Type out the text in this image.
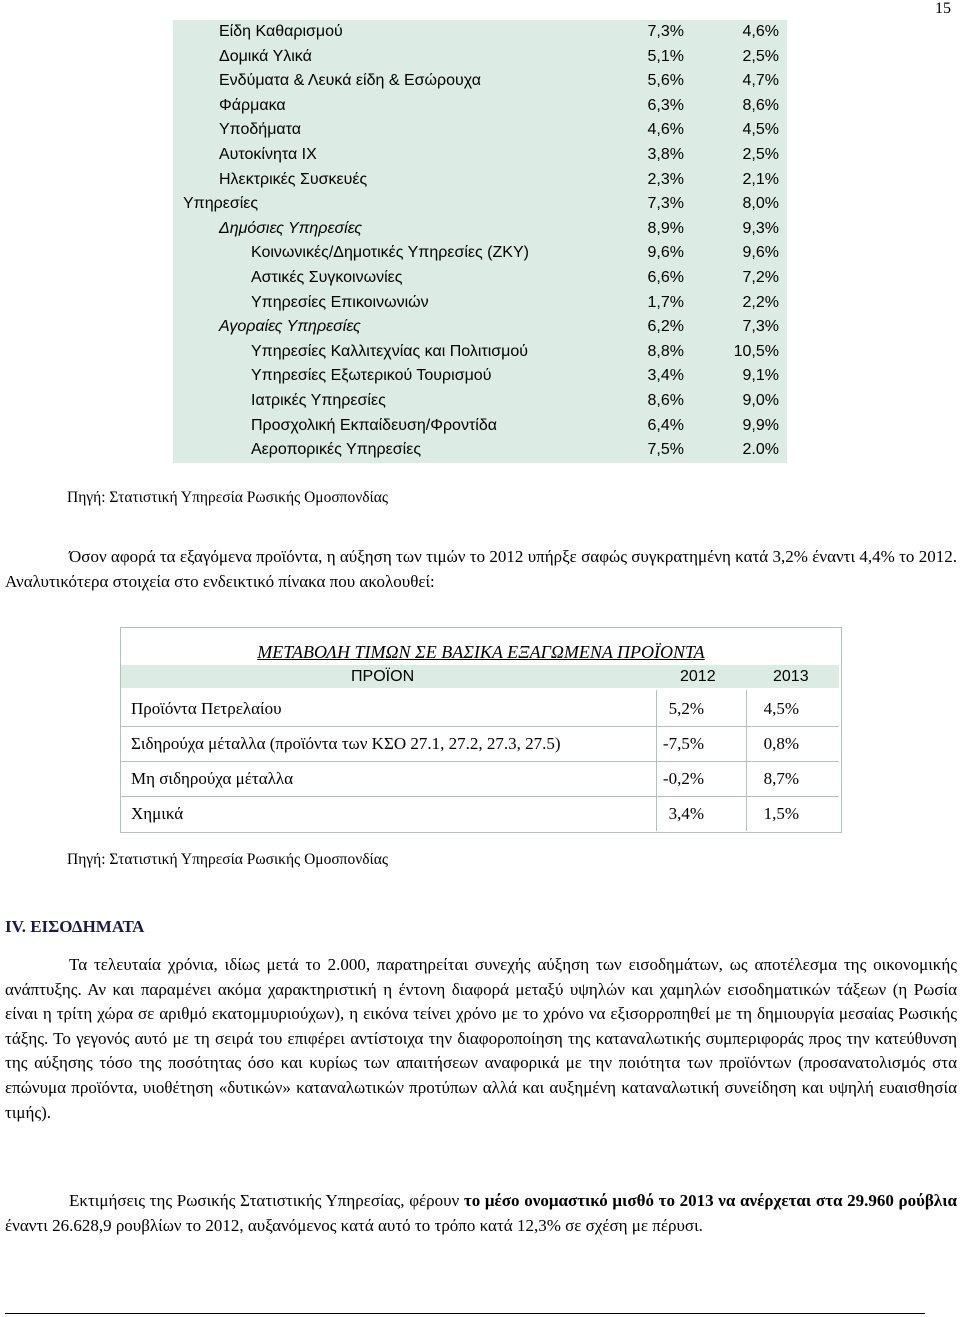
15
Είδη Καθαρισμού	7,3%	4,6%
Δομικά Υλικά	5,1%	2,5%
Ενδύματα & Λευκά είδη & Εσώρουχα	5,6%	4,7%
Φάρμακα	6,3%	8,6%
Υποδήματα	4,6%	4,5%
Αυτοκίνητα ΙΧ	3,8%	2,5%
Ηλεκτρικές Συσκευές	2,3%	2,1%
Υπηρεσίες	7,3%	8,0%
Δημόσιες Υπηρεσίες	8,9%	9,3%
Κοινωνικές/Δημοτικές Υπηρεσίες (ΖΚΥ)	9,6%	9,6%
Αστικές Συγκοινωνίες	6,6%	7,2%
Υπηρεσίες Επικοινωνιών	1,7%	2,2%
Αγοραίες Υπηρεσίες	6,2%	7,3%
Υπηρεσίες Καλλιτεχνίας και Πολιτισμού	8,8%	10,5%
Υπηρεσίες Εξωτερικού Τουρισμού	3,4%	9,1%
Ιατρικές Υπηρεσίες	8,6%	9,0%
Προσχολική Εκπαίδευση/Φροντίδα	6,4%	9,9%
Αεροπορικές Υπηρεσίες	7,5%	2.0%
Πηγή: Στατιστική Υπηρεσία Ρωσικής Ομοσπονδίας
Όσον αφορά τα εξαγόμενα προϊόντα, η αύξηση των τιμών το 2012 υπήρξε σαφώς συγκρατημένη κατά 3,2% έναντι 4,4% το 2012. Αναλυτικότερα στοιχεία στο ενδεικτικό πίνακα που ακολουθεί:
ΜΕΤΑΒΟΛΗ ΤΙΜΩΝ ΣΕ ΒΑΣΙΚΑ ΕΞΑΓΩΜΕΝΑ ΠΡΟΪΟΝΤΑ
ΠΡΟΪΟΝ	2012	2013
Προϊόντα Πετρελαίου	5,2%	4,5%
Σιδηρούχα μέταλλα (προϊόντα των ΚΣΟ 27.1, 27.2, 27.3, 27.5)	-7,5%	0,8%
Μη σιδηρούχα μέταλλα	-0,2%	8,7%
Χημικά	3,4%	1,5%
Πηγή: Στατιστική Υπηρεσία Ρωσικής Ομοσπονδίας
IV. ΕΙΣΟΔΗΜΑΤΑ
Τα τελευταία χρόνια, ιδίως μετά το 2.000, παρατηρείται συνεχής αύξηση των εισοδημάτων, ως αποτέλεσμα της οικονομικής ανάπτυξης. Αν και παραμένει ακόμα χαρακτηριστική η έντονη διαφορά μεταξύ υψηλών και χαμηλών εισοδηματικών τάξεων (η Ρωσία είναι η τρίτη χώρα σε αριθμό εκατομμυριούχων), η εικόνα τείνει χρόνο με το χρόνο να εξισορροπηθεί με τη δημιουργία μεσαίας Ρωσικής τάξης. Το γεγονός αυτό με τη σειρά του επιφέρει αντίστοιχα την διαφοροποίηση της καταναλωτικής συμπεριφοράς προς την κατεύθυνση της αύξησης τόσο της ποσότητας όσο και κυρίως των απαιτήσεων αναφορικά με την ποιότητα των προϊόντων (προσανατολισμός στα επώνυμα προϊόντα, υιοθέτηση «δυτικών» καταναλωτικών προτύπων αλλά και αυξημένη καταναλωτική συνείδηση και υψηλή ευαισθησία τιμής).
Εκτιμήσεις της Ρωσικής Στατιστικής Υπηρεσίας, φέρουν το μέσο ονομαστικό μισθό το 2013 να ανέρχεται στα 29.960 ρούβλια έναντι 26.628,9 ρουβλίων το 2012, αυξανόμενος κατά αυτό το τρόπο κατά 12,3% σε σχέση με πέρυσι.
